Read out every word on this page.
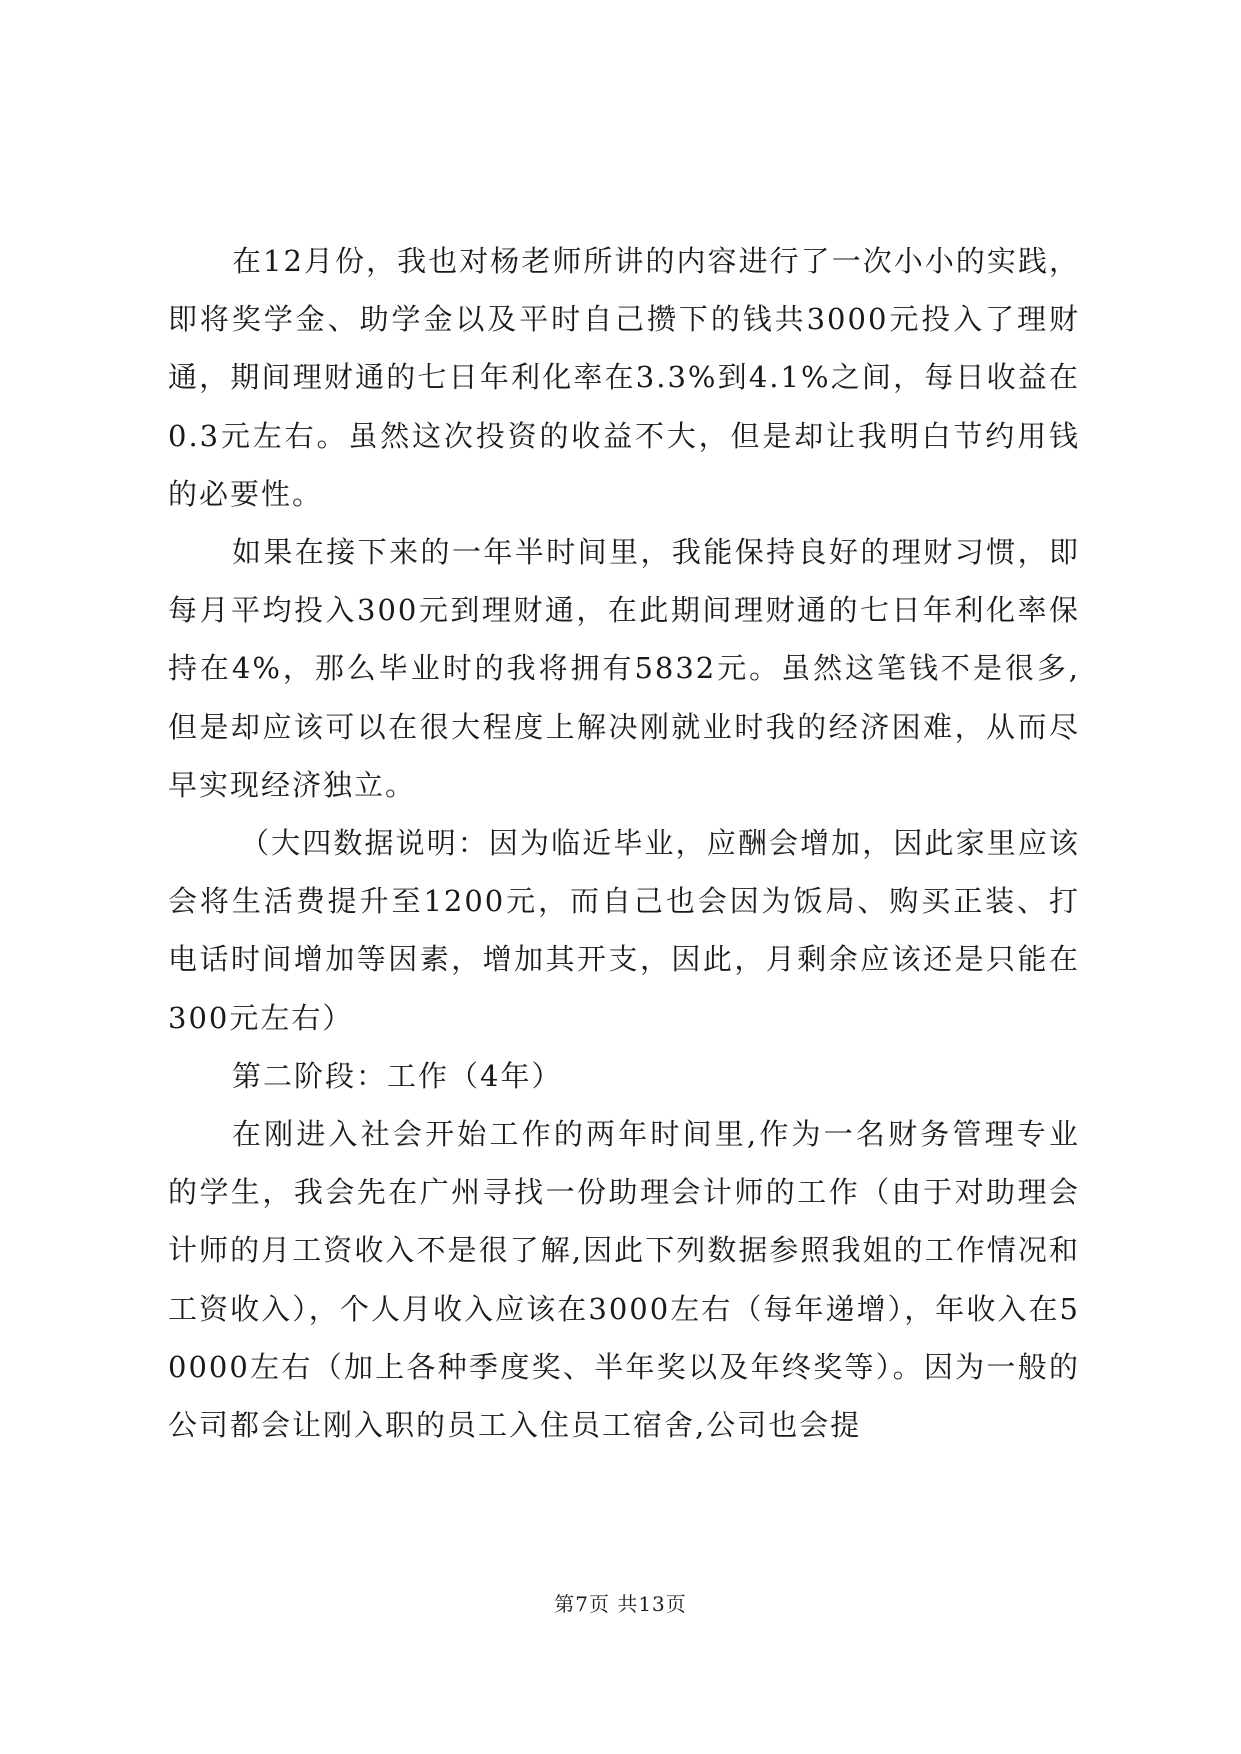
在12月份，我也对杨老师所讲的内容进行了一次小小的实践，即将奖学金、助学金以及平时自己攒下的钱共3000元投入了理财通，期间理财通的七日年利化率在3.3%到4.1%之间，每日收益在0.3元左右。虽然这次投资的收益不大，但是却让我明白节约用钱的必要性。

如果在接下来的一年半时间里，我能保持良好的理财习惯，即每月平均投入300元到理财通，在此期间理财通的七日年利化率保持在4%，那么毕业时的我将拥有5832元。虽然这笔钱不是很多,但是却应该可以在很大程度上解决刚就业时我的经济困难，从而尽早实现经济独立。

（大四数据说明：因为临近毕业，应酬会增加，因此家里应该会将生活费提升至1200元，而自己也会因为饭局、购买正装、打电话时间增加等因素，增加其开支，因此，月剩余应该还是只能在300元左右）

第二阶段：工作（4年）

在刚进入社会开始工作的两年时间里,作为一名财务管理专业的学生，我会先在广州寻找一份助理会计师的工作（由于对助理会计师的月工资收入不是很了解,因此下列数据参照我姐的工作情况和工资收入），个人月收入应该在3000左右（每年递增），年收入在50000左右（加上各种季度奖、半年奖以及年终奖等）。因为一般的公司都会让刚入职的员工入住员工宿舍,公司也会提

第7页 共13页
